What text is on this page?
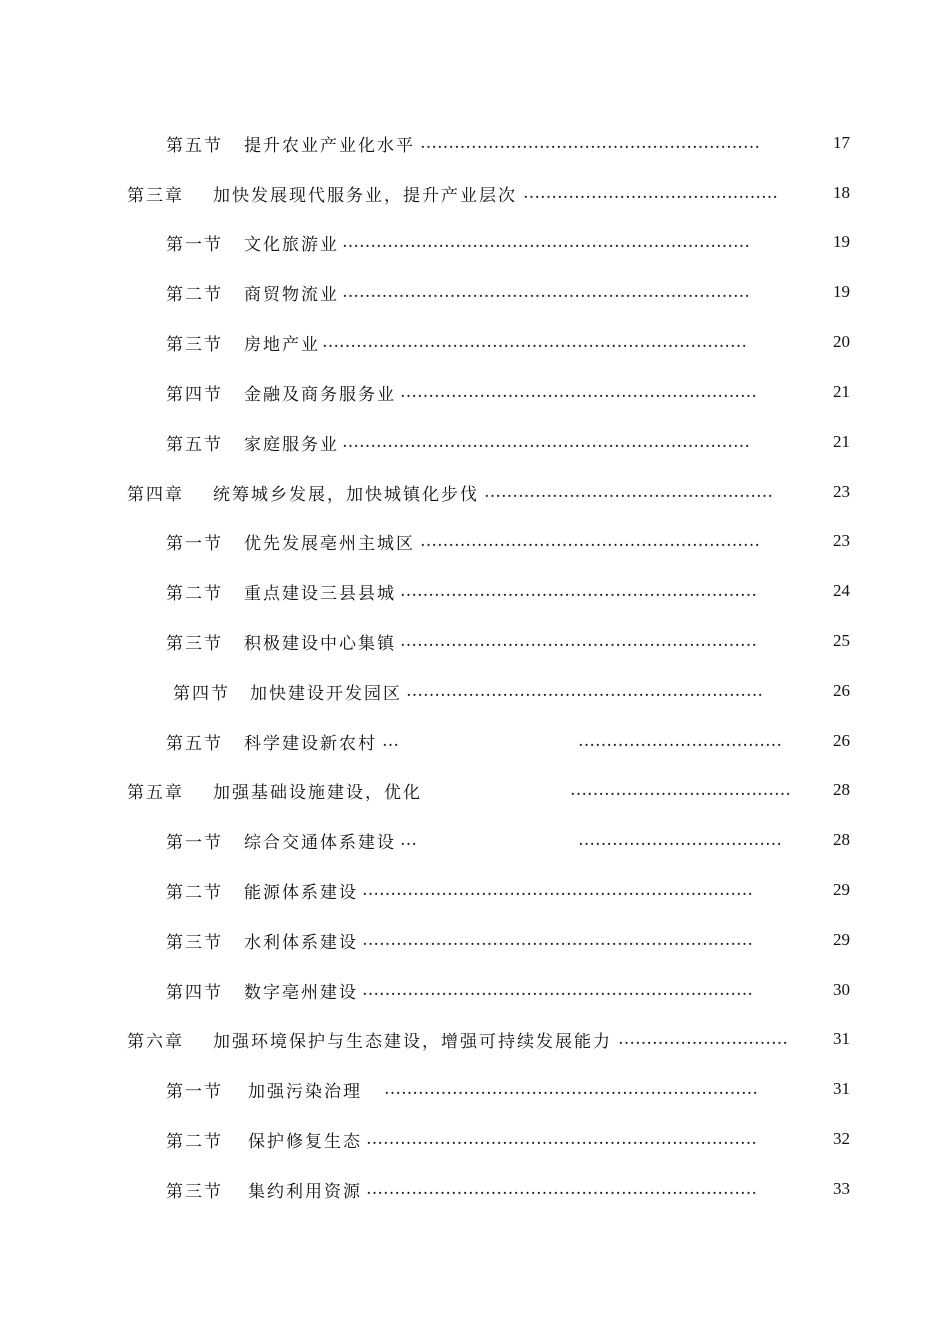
第五节 提升农业产业化水平 ……………………………………………………	17
第三章 加快发展现代服务业，提升产业层次 ………………………………………	18
第一节 文化旅游业 ………………………………………………………………	19
第二节 商贸物流业 ………………………………………………………………	19
第三节 房地产业 …………………………………………………………………	20
第四节 金融及商务服务业 ………………………………………………………	21
第五节 家庭服务业 ………………………………………………………………	21
第四章 统筹城乡发展，加快城镇化步伐 ……………………………………………	23
第一节 优先发展亳州主城区 ……………………………………………………	23
第二节 重点建设三县县城 ………………………………………………………	24
第三节 积极建设中心集镇 ………………………………………………………	25
第四节 加快建设开发园区 ………………………………………………………	26
第五节 科学建设新农村 …	………………………………	26
第五章 加强基础设施建设，优化	…………………………………	28
第一节 综合交通体系建设 …	………………………………	28
第二节 能源体系建设 ……………………………………………………………	29
第三节 水利体系建设 ……………………………………………………………	29
第四节 数字亳州建设 ……………………………………………………………	30
第六章 加强环境保护与生态建设，增强可持续发展能力 …………………………	31
第一节 加强污染治理 …………………………………………………………	31
第二节 保护修复生态 ……………………………………………………………	32
第三节 集约利用资源 ……………………………………………………………	33
